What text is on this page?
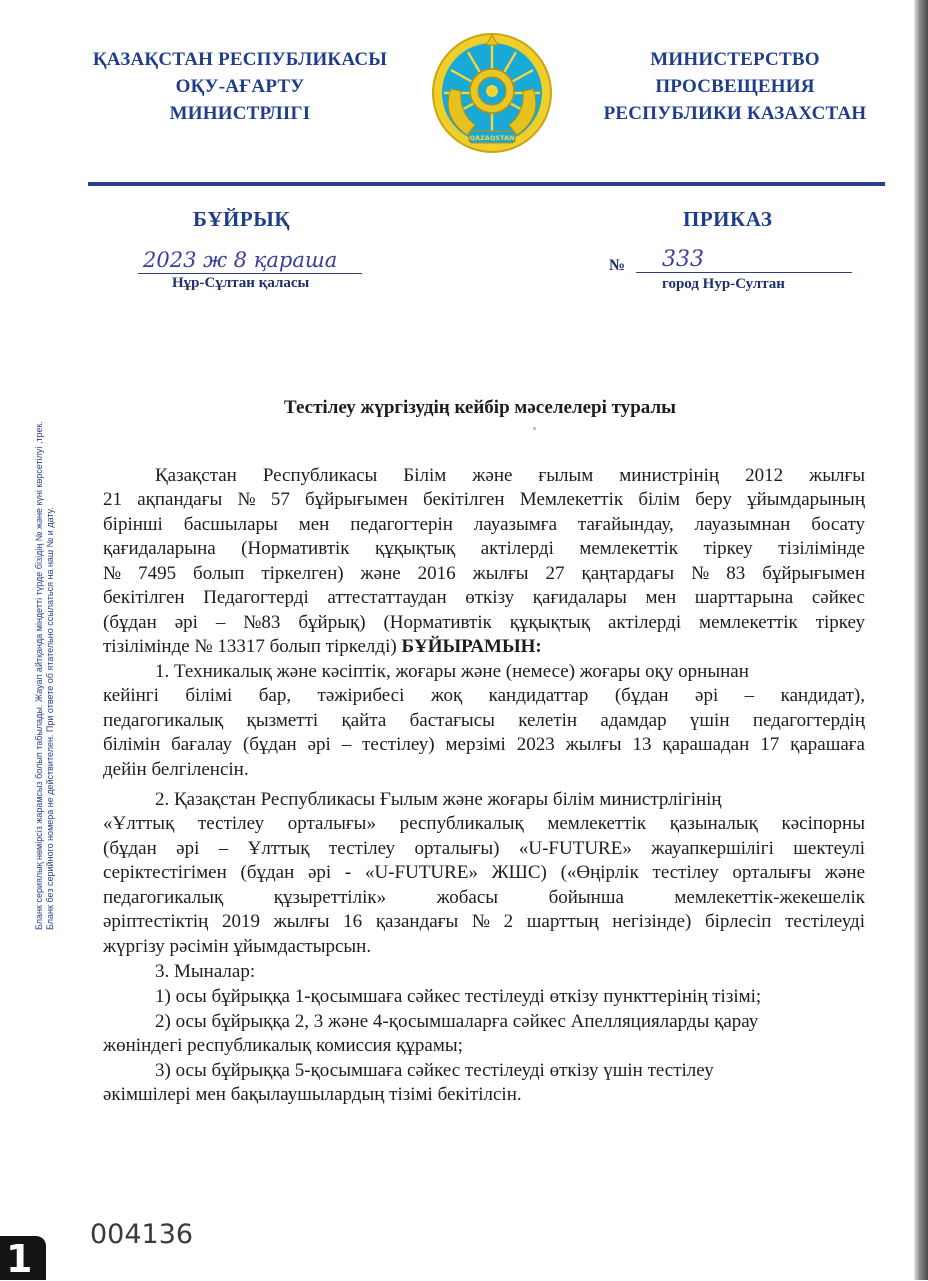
ҚАЗАҚСТАН РЕСПУБЛИКАСЫ
ОҚУ-АҒАРТУ
МИНИСТРЛІГІ
QAZAQSTAN
МИНИСТЕРСТВО
ПРОСВЕЩЕНИЯ
РЕСПУБЛИКИ КАЗАХСТАН
БҰЙРЫҚ	ПРИКАЗ
2023 ж 8 қараша
Нұр-Сұлтан қаласы
№ 333
город Нур-Султан
Бланк сериялық нөмірсіз жарамсыз болып табылады. Жауап айтқанда міндетті түрде бізідің № және күнi көрсетілуі ,трек. Бланк без серийного номера не действителен. При ответе об ятательно ссылаться на наш № и дату.
Тестілеу жүргізудің кейбір мәселелері туралы
Қазақстан Республикасы Білім және ғылым министрінің 2012 жылғы
21 ақпандағы № 57 бұйрығымен бекітілген Мемлекеттік білім беру ұйымдарының
бірінші басшылары мен педагогтерін лауазымға тағайындау, лауазымнан босату
қағидаларына (Нормативтік құқықтық актілерді мемлекеттік тіркеу тізілімінде
№ 7495 болып тіркелген) және 2016 жылғы 27 қаңтардағы № 83 бұйрығымен
бекітілген Педагогтерді аттестаттаудан өткізу қағидалары мен шарттарына сәйкес
(бұдан әрі – №83 бұйрық) (Нормативтік құқықтық актілерді мемлекеттік тіркеу
тізілімінде № 13317 болып тіркелді) БҰЙЫРАМЫН:
1. Техникалық және кәсіптік, жоғары және (немесе) жоғары оқу орнынан
кейінгі білімі бар, тәжірибесі жоқ кандидаттар (бұдан әрі – кандидат),
педагогикалық қызметті қайта бастағысы келетін адамдар үшін педагогтердің
білімін бағалау (бұдан әрі – тестілеу) мерзімі 2023 жылғы 13 қарашадан 17 қарашаға
дейін белгіленсін.
2. Қазақстан Республикасы Ғылым және жоғары білім министрлігінің
«Ұлттық тестілеу орталығы» республикалық мемлекеттік қазыналық кәсіпорны
(бұдан әрі – Ұлттық тестілеу орталығы) «U-FUTURE» жауапкершілігі шектеулі
серіктестігімен (бұдан әрі - «U-FUTURE» ЖШС) («Өңірлік тестілеу орталығы және
педагогикалық құзыреттілік» жобасы бойынша мемлекеттік-жекешелік
әріптестіктің 2019 жылғы 16 қазандағы № 2 шарттың негізінде) бірлесіп тестілеуді
жүргізу рәсімін ұйымдастырсын.
3. Мыналар:
1) осы бұйрыққа 1-қосымшаға сәйкес тестілеуді өткізу пункттерінің тізімі;
2) осы бұйрыққа 2, 3 және 4-қосымшаларға сәйкес Апелляцияларды қарау
жөніндегі республикалық комиссия құрамы;
3) осы бұйрыққа 5-қосымшаға сәйкес тестілеуді өткізу үшін тестілеу
әкімшілері мен бақылаушылардың тізімі бекітілсін.
004136
1
